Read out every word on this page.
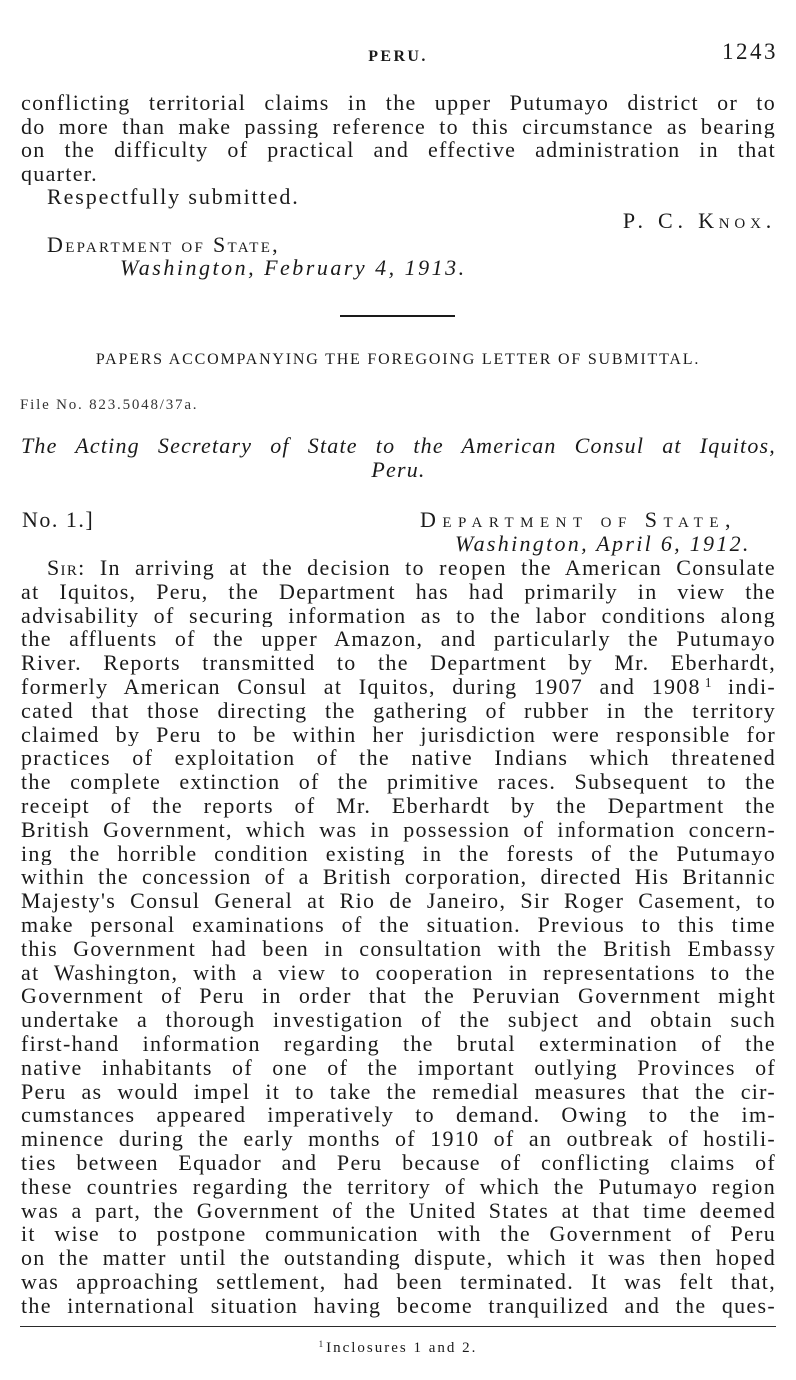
PERU.	1243
conflicting territorial claims in the upper Putumayo district or to
do more than make passing reference to this circumstance as bearing
on the difficulty of practical and effective administration in that
quarter.
Respectfully submitted.
P. C. Knox.
Department of State,
Washington, February 4, 1913.
PAPERS ACCOMPANYING THE FOREGOING LETTER OF SUBMITTAL.
File No. 823.5048/37a.
The Acting Secretary of State to the American Consul at Iquitos,
Peru.
No. 1.]	Department of State,
Washington, April 6, 1912.
Sir: In arriving at the decision to reopen the American Consulate
at Iquitos, Peru, the Department has had primarily in view the
advisability of securing information as to the labor conditions along
the affluents of the upper Amazon, and particularly the Putumayo
River. Reports transmitted to the Department by Mr. Eberhardt,
formerly American Consul at Iquitos, during 1907 and 1908 $^1$ indi-
cated that those directing the gathering of rubber in the territory
claimed by Peru to be within her jurisdiction were responsible for
practices of exploitation of the native Indians which threatened
the complete extinction of the primitive races. Subsequent to the
receipt of the reports of Mr. Eberhardt by the Department the
British Government, which was in possession of information concern-
ing the horrible condition existing in the forests of the Putumayo
within the concession of a British corporation, directed His Britannic
Majesty's Consul General at Rio de Janeiro, Sir Roger Casement, to
make personal examinations of the situation. Previous to this time
this Government had been in consultation with the British Embassy
at Washington, with a view to cooperation in representations to the
Government of Peru in order that the Peruvian Government might
undertake a thorough investigation of the subject and obtain such
first-hand information regarding the brutal extermination of the
native inhabitants of one of the important outlying Provinces of
Peru as would impel it to take the remedial measures that the cir-
cumstances appeared imperatively to demand. Owing to the im-
minence during the early months of 1910 of an outbreak of hostili-
ties between Equador and Peru because of conflicting claims of
these countries regarding the territory of which the Putumayo region
was a part, the Government of the United States at that time deemed
it wise to postpone communication with the Government of Peru
on the matter until the outstanding dispute, which it was then hoped
was approaching settlement, had been terminated. It was felt that,
the international situation having become tranquilized and the ques-
$^1$ Inclosures 1 and 2.
